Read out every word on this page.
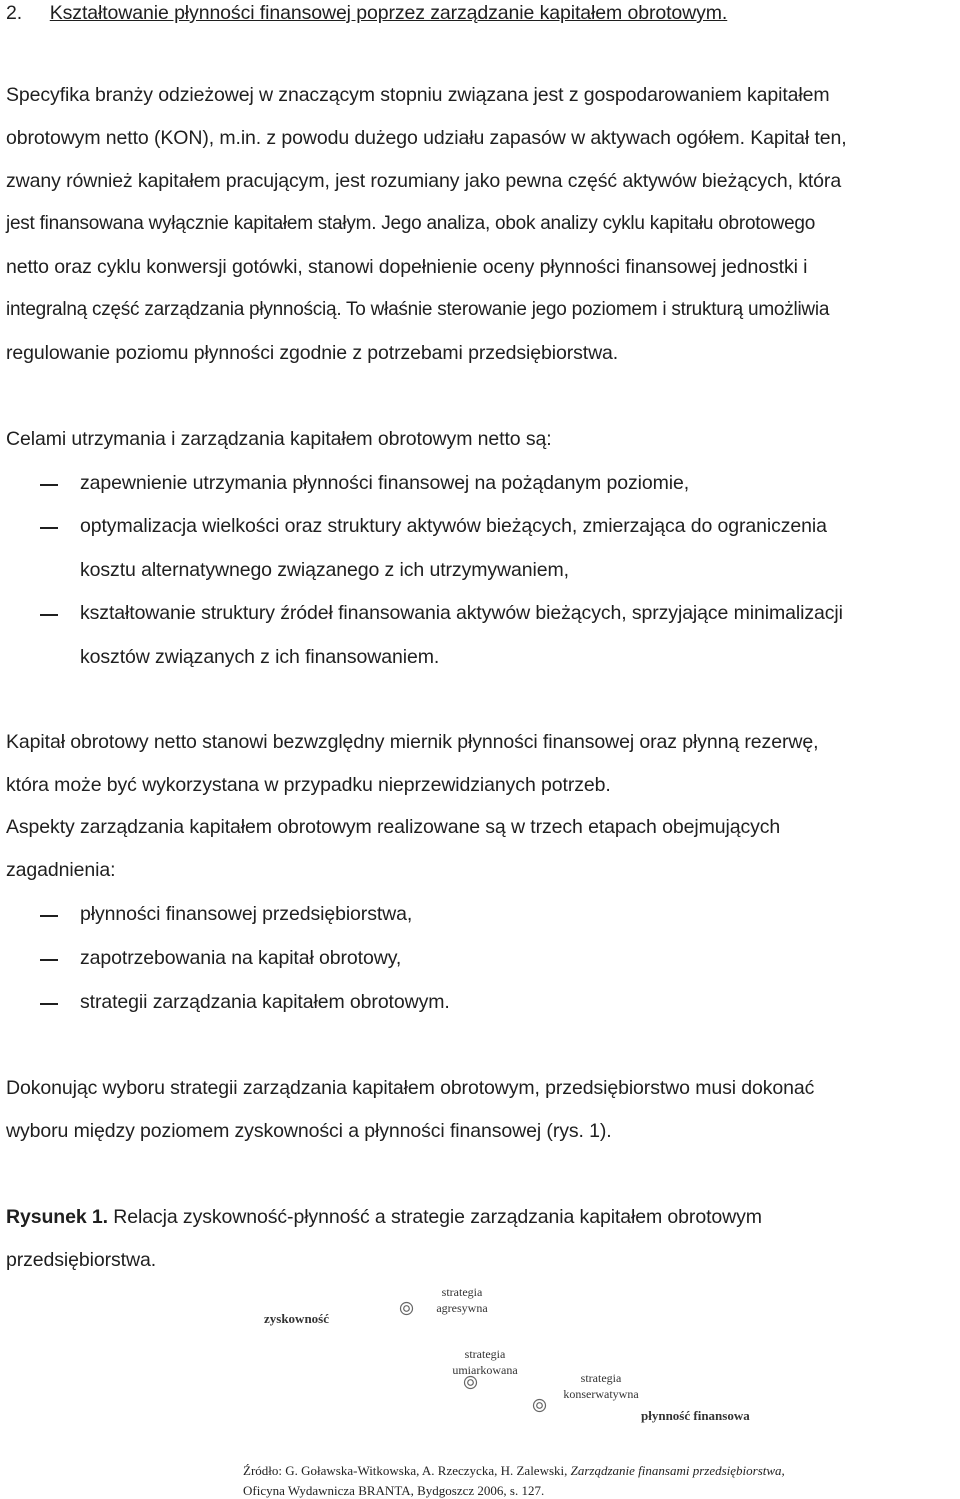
2. Kształtowanie płynności finansowej poprzez zarządzanie kapitałem obrotowym.
Specyfika branży odzieżowej w znaczącym stopniu związana jest z gospodarowaniem kapitałem
obrotowym netto (KON), m.in. z powodu dużego udziału zapasów w aktywach ogółem. Kapitał ten,
zwany również kapitałem pracującym, jest rozumiany jako pewna część aktywów bieżących, która
jest finansowana wyłącznie kapitałem stałym. Jego analiza, obok analizy cyklu kapitału obrotowego
netto oraz cyklu konwersji gotówki, stanowi dopełnienie oceny płynności finansowej jednostki i
integralną część zarządzania płynnością. To właśnie sterowanie jego poziomem i strukturą umożliwia
regulowanie poziomu płynności zgodnie z potrzebami przedsiębiorstwa.
Celami utrzymania i zarządzania kapitałem obrotowym netto są:
zapewnienie utrzymania płynności finansowej na pożądanym poziomie,
optymalizacja wielkości oraz struktury aktywów bieżących, zmierzająca do ograniczenia
kosztu alternatywnego związanego z ich utrzymywaniem,
kształtowanie struktury źródeł finansowania aktywów bieżących, sprzyjające minimalizacji
kosztów związanych z ich finansowaniem.
Kapitał obrotowy netto stanowi bezwzględny miernik płynności finansowej oraz płynną rezerwę,
która może być wykorzystana w przypadku nieprzewidzianych potrzeb.
Aspekty zarządzania kapitałem obrotowym realizowane są w trzech etapach obejmujących
zagadnienia:
płynności finansowej przedsiębiorstwa,
zapotrzebowania na kapitał obrotowy,
strategii zarządzania kapitałem obrotowym.
Dokonując wyboru strategii zarządzania kapitałem obrotowym, przedsiębiorstwo musi dokonać
wyboru między poziomem zyskowności a płynności finansowej (rys. 1).
Rysunek 1. Relacja zyskowność-płynność a strategie zarządzania kapitałem obrotowym
przedsiębiorstwa.
zyskowność
płynność finansowa
strategia
agresywna
strategia
umiarkowana
strategia
konserwatywna
Źródło: G. Goławska-Witkowska, A. Rzeczycka, H. Zalewski, Zarządzanie finansami przedsiębiorstwa,
Oficyna Wydawnicza BRANTA, Bydgoszcz 2006, s. 127.
